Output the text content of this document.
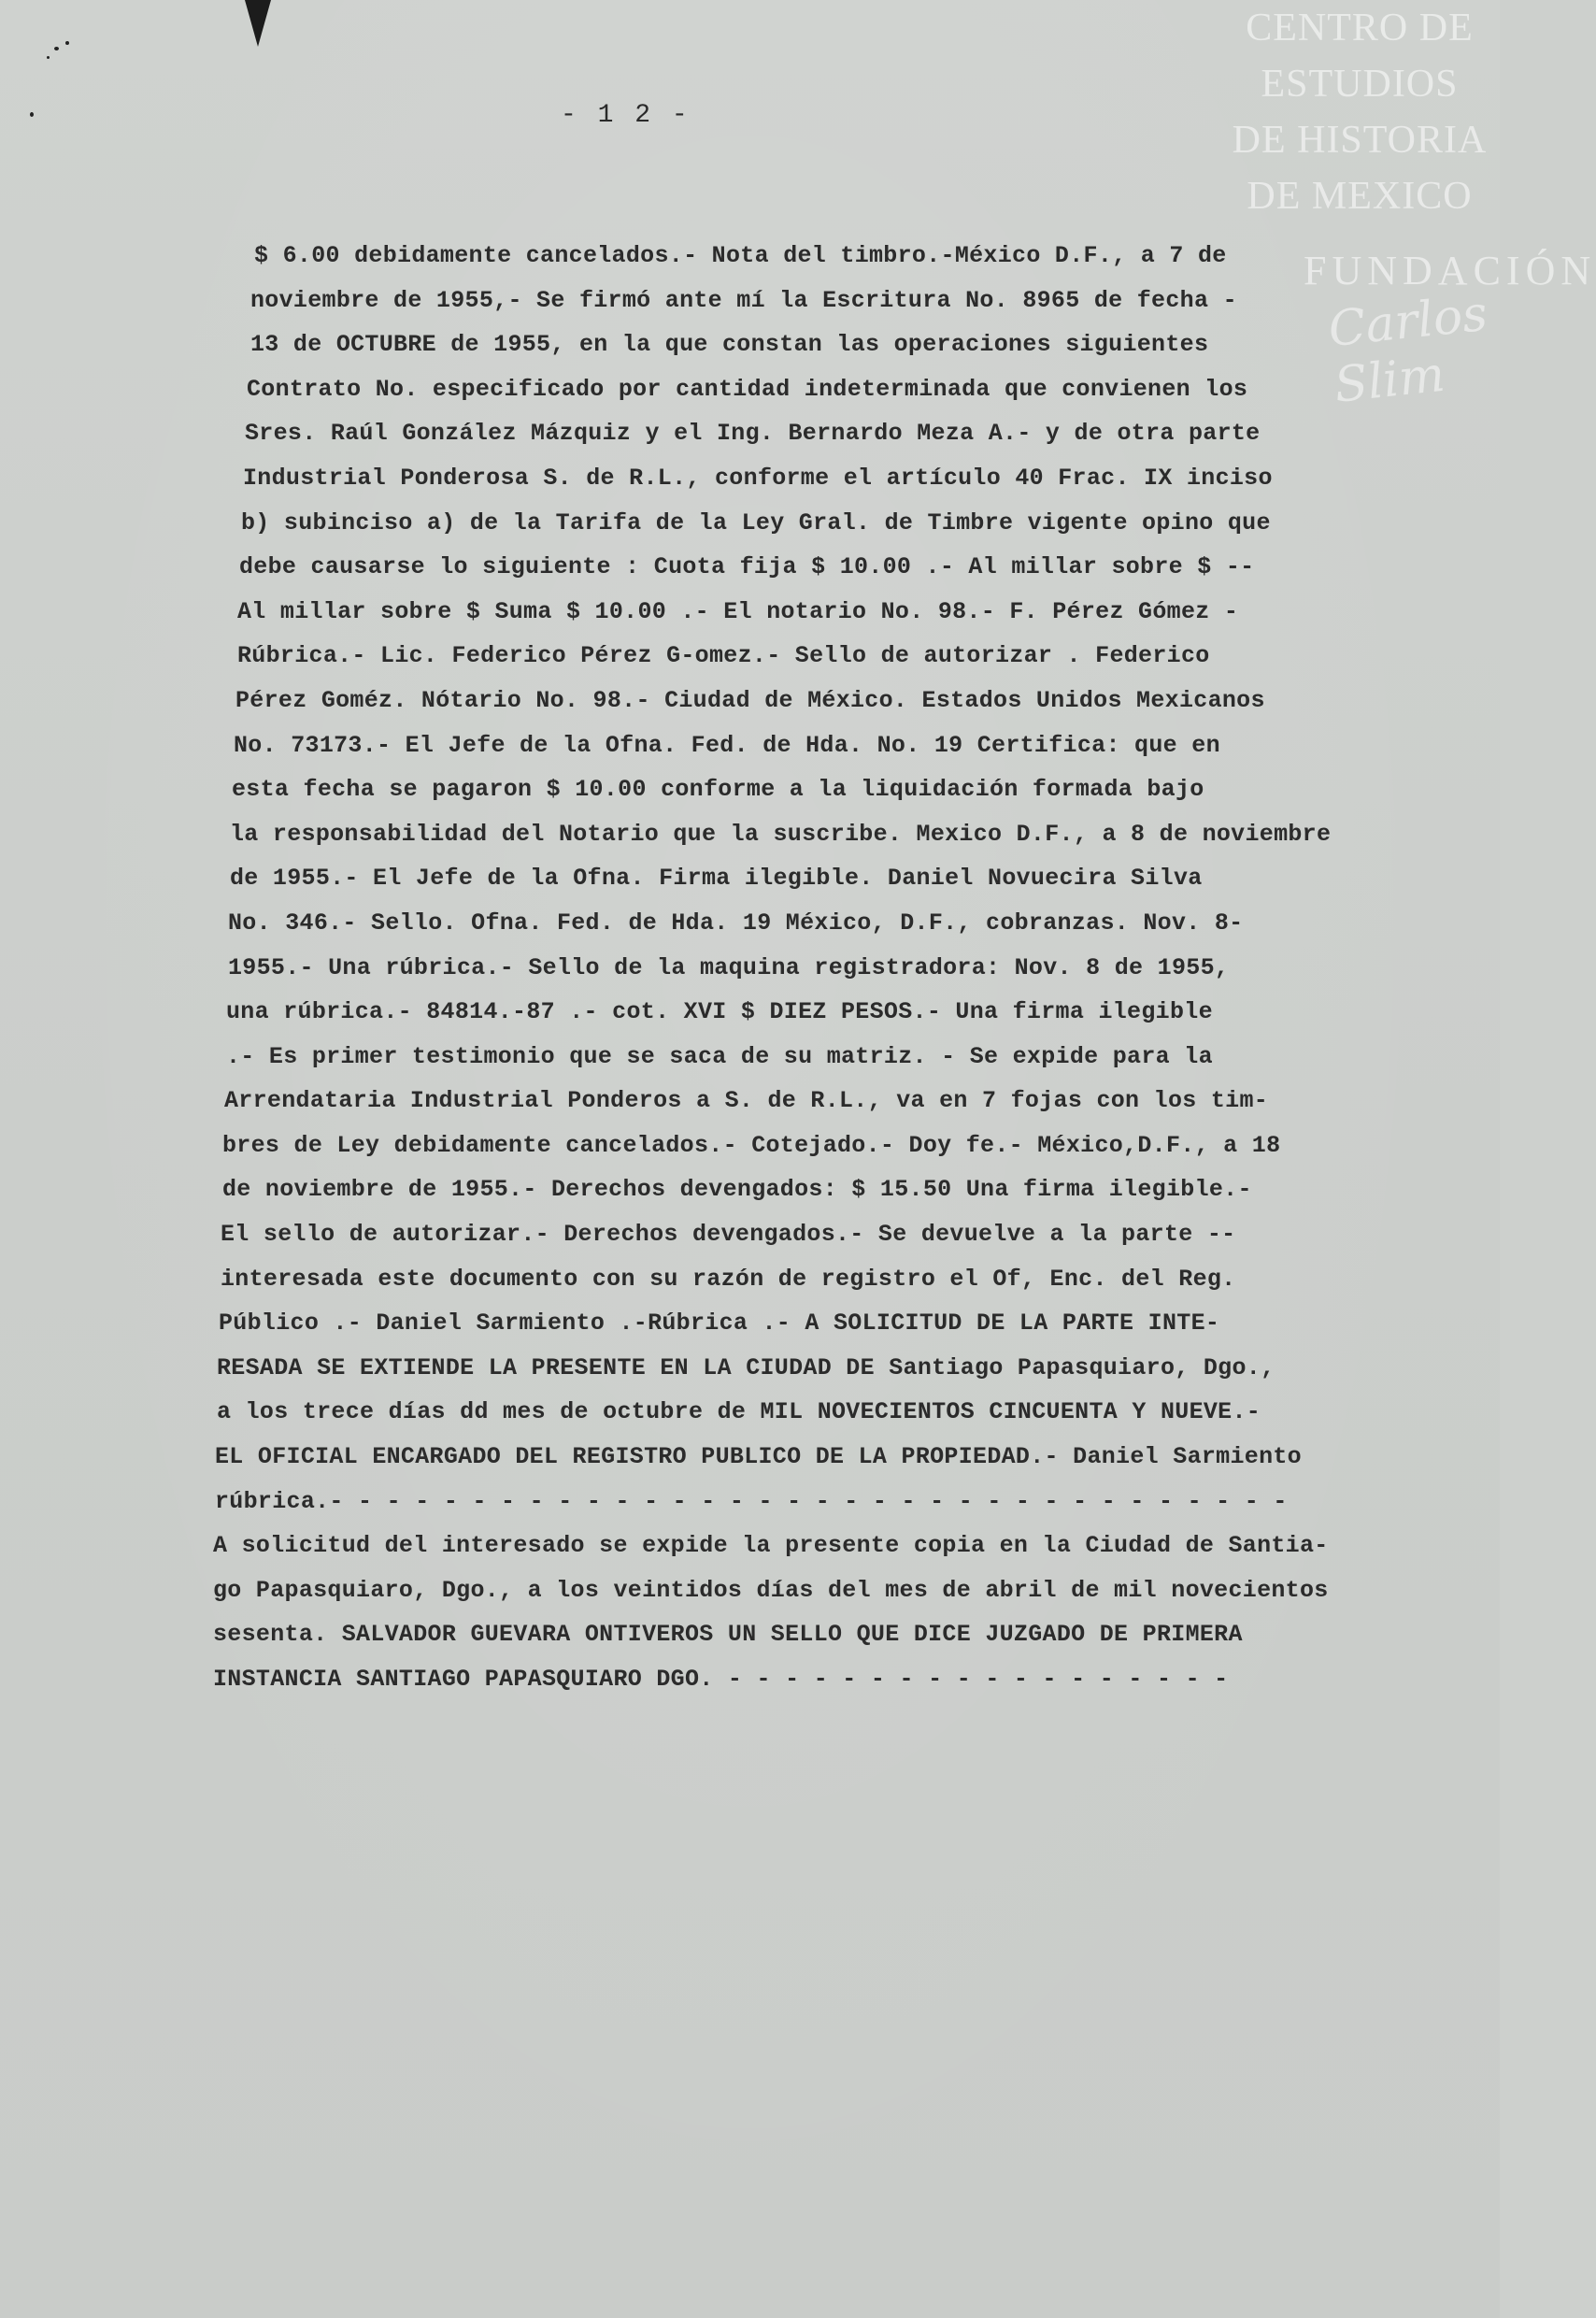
CENTRO DE
ESTUDIOS
DE HISTORIA
DE MEXICO
FUNDACIÓN
Carlos Slim
- 1 2 -
$ 6.00 debidamente cancelados.- Nota del timbro.-México D.F., a 7 de
noviembre de 1955,- Se firmó ante mí la Escritura No. 8965 de fecha -
13 de OCTUBRE de 1955, en la que constan las operaciones siguientes
Contrato No. especificado por cantidad indeterminada que convienen los
Sres. Raúl González Mázquiz y el Ing. Bernardo Meza A.- y de otra parte
Industrial Ponderosa S. de R.L., conforme el artículo 40 Frac. IX inciso
b) subinciso a) de la Tarifa de la Ley Gral. de Timbre vigente opino que
debe causarse lo siguiente : Cuota fija $ 10.00 .- Al millar sobre $ --
Al millar sobre $ Suma $ 10.00 .- El notario No. 98.- F. Pérez Gómez -
Rúbrica.- Lic. Federico Pérez G-omez.- Sello de autorizar . Federico
Pérez Goméz. Nótario No. 98.- Ciudad de México. Estados Unidos Mexicanos
No. 73173.- El Jefe de la Ofna. Fed. de Hda. No. 19 Certifica: que en
esta fecha se pagaron $ 10.00 conforme a la liquidación formada bajo
la responsabilidad del Notario que la suscribe. Mexico D.F., a 8 de noviembre
de 1955.- El Jefe de la Ofna. Firma ilegible. Daniel Novuecira Silva
No. 346.- Sello. Ofna. Fed. de Hda. 19 México, D.F., cobranzas. Nov. 8-
1955.- Una rúbrica.- Sello de la maquina registradora: Nov. 8 de 1955,
una rúbrica.- 84814.-87 .- cot. XVI $ DIEZ PESOS.- Una firma ilegible
.- Es primer testimonio que se saca de su matriz. - Se expide para la
Arrendataria Industrial Ponderos a S. de R.L., va en 7 fojas con los tim-
bres de Ley debidamente cancelados.- Cotejado.- Doy fe.- México,D.F., a 18
de noviembre de 1955.- Derechos devengados: $ 15.50 Una firma ilegible.-
El sello de autorizar.- Derechos devengados.- Se devuelve a la parte --
interesada este documento con su razón de registro el Of, Enc. del Reg.
Público .- Daniel Sarmiento .-Rúbrica .- A SOLICITUD DE LA PARTE INTE-
RESADA SE EXTIENDE LA PRESENTE EN LA CIUDAD DE Santiago Papasquiaro, Dgo.,
a los trece días dd mes de octubre de MIL NOVECIENTOS CINCUENTA Y NUEVE.-
EL OFICIAL ENCARGADO DEL REGISTRO PUBLICO DE LA PROPIEDAD.- Daniel Sarmiento
rúbrica.- - - - - - - - - - - - - - - - - - - - - - - - - - - - - - - - - -
A solicitud del interesado se expide la presente copia en la Ciudad de Santia-
go Papasquiaro, Dgo., a los veintidos días del mes de abril de mil novecientos
sesenta. SALVADOR GUEVARA ONTIVEROS UN SELLO QUE DICE JUZGADO DE PRIMERA
INSTANCIA SANTIAGO PAPASQUIARO DGO. - - - - - - - - - - - - - - - - - -
